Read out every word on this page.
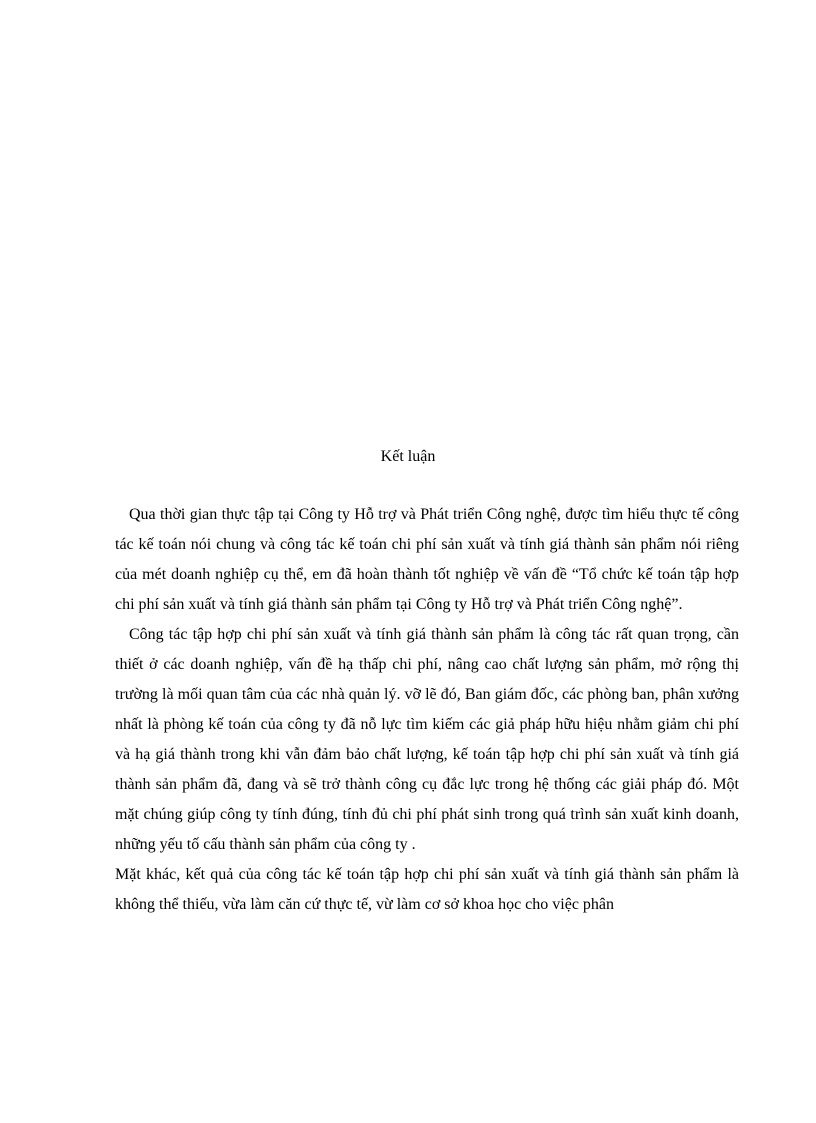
Kết luận

Qua thời gian thực tập tại Công ty Hỗ trợ và Phát triển Công nghệ, được tìm hiểu thực tế công tác kế toán nói chung và công tác kế toán chi phí sản xuất và tính giá thành sản phẩm nói riêng của mét doanh nghiệp cụ thể, em đã hoàn thành tốt nghiệp về vấn đề “Tổ chức kế toán tập hợp chi phí sản xuất và tính giá thành sản phẩm tại Công ty Hỗ trợ và Phát triển Công nghệ”.

Công tác tập hợp chi phí sản xuất và tính giá thành sản phẩm là công tác rất quan trọng, cần thiết ở các doanh nghiệp, vấn đề hạ thấp chi phí, nâng cao chất lượng sản phẩm, mở rộng thị trường là mối quan tâm của các nhà quản lý. vỡ lẽ đó, Ban giám đốc, các phòng ban, phân xưởng nhất là phòng kế toán của công ty đã nỗ lực tìm kiếm các giả pháp hữu hiệu nhằm giảm chi phí và hạ giá thành trong khi vẫn đảm bảo chất lượng, kế toán tập hợp chi phí sản xuất và tính giá thành sản phẩm đã, đang và sẽ trở thành công cụ đắc lực trong hệ thống các giải pháp đó. Một mặt chúng giúp công ty tính đúng, tính đủ chi phí phát sinh trong quá trình sản xuất kinh doanh, những yếu tố cấu thành sản phẩm của công ty .

Mặt khác, kết quả của công tác kế toán tập hợp chi phí sản xuất và tính giá thành sản phẩm là không thể thiếu, vừa làm căn cứ thực tế, vừ làm cơ sở khoa học cho việc phân
